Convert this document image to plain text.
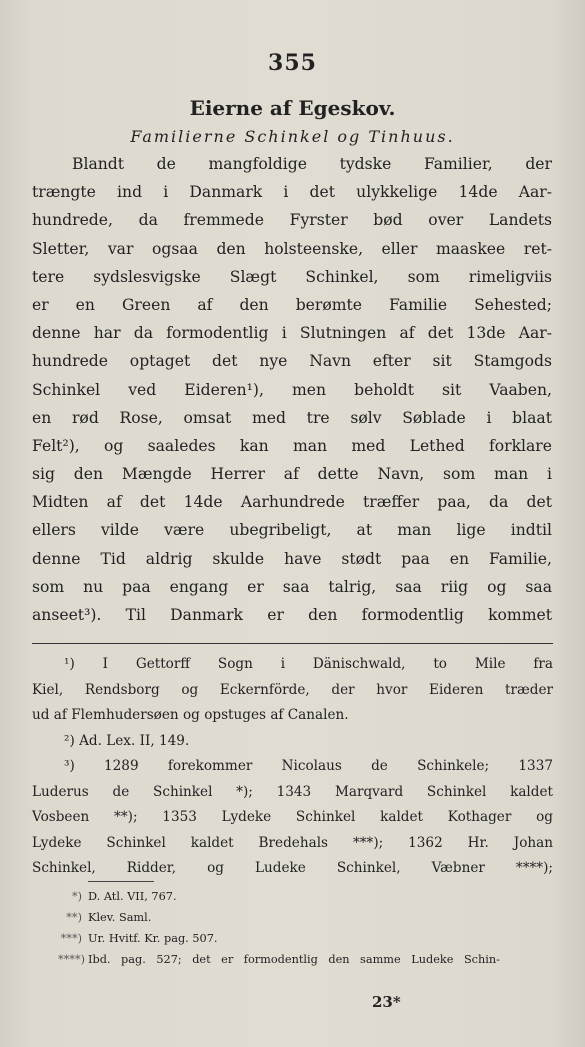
355
Eierne af Egeskov.
Familierne Schinkel og Tinhuus.
Blandt de mangfoldige tydske Familier, der
trængte ind i Danmark i det ulykkelige 14de Aar-
hundrede, da fremmede Fyrster bød over Landets
Sletter, var ogsaa den holsteenske, eller maaskee ret-
tere sydslesvigske Slægt Schinkel, som rimeligviis
er en Green af den berømte Familie Sehested;
denne har da formodentlig i Slutningen af det 13de Aar-
hundrede optaget det nye Navn efter sit Stamgods
Schinkel ved Eideren¹), men beholdt sit Vaaben,
en rød Rose, omsat med tre sølv Søblade i blaat
Felt²), og saaledes kan man med Lethed forklare
sig den Mængde Herrer af dette Navn, som man i
Midten af det 14de Aarhundrede træffer paa, da det
ellers vilde være ubegribeligt, at man lige indtil
denne Tid aldrig skulde have stødt paa en Familie,
som nu paa engang er saa talrig, saa riig og saa
anseet³). Til Danmark er den formodentlig kommet
¹) I Gettorff Sogn i Dänischwald, to Mile fra
Kiel, Rendsborg og Eckernförde, der hvor Eideren træder
ud af Flemhudersøen og opstuges af Canalen.
²) Ad. Lex. II, 149.
³) 1289 forekommer Nicolaus de Schinkele; 1337
Luderus de Schinkel *); 1343 Marqvard Schinkel kaldet
Vosbeen **); 1353 Lydeke Schinkel kaldet Kothager og
Lydeke Schinkel kaldet Bredehals ***); 1362 Hr. Johan
Schinkel, Ridder, og Ludeke Schinkel, Væbner ****);
*) D. Atl. VII, 767.
**) Klev. Saml.
***) Ur. Hvitf. Kr. pag. 507.
****) Ibd. pag. 527; det er formodentlig den samme Ludeke Schin-
23*
